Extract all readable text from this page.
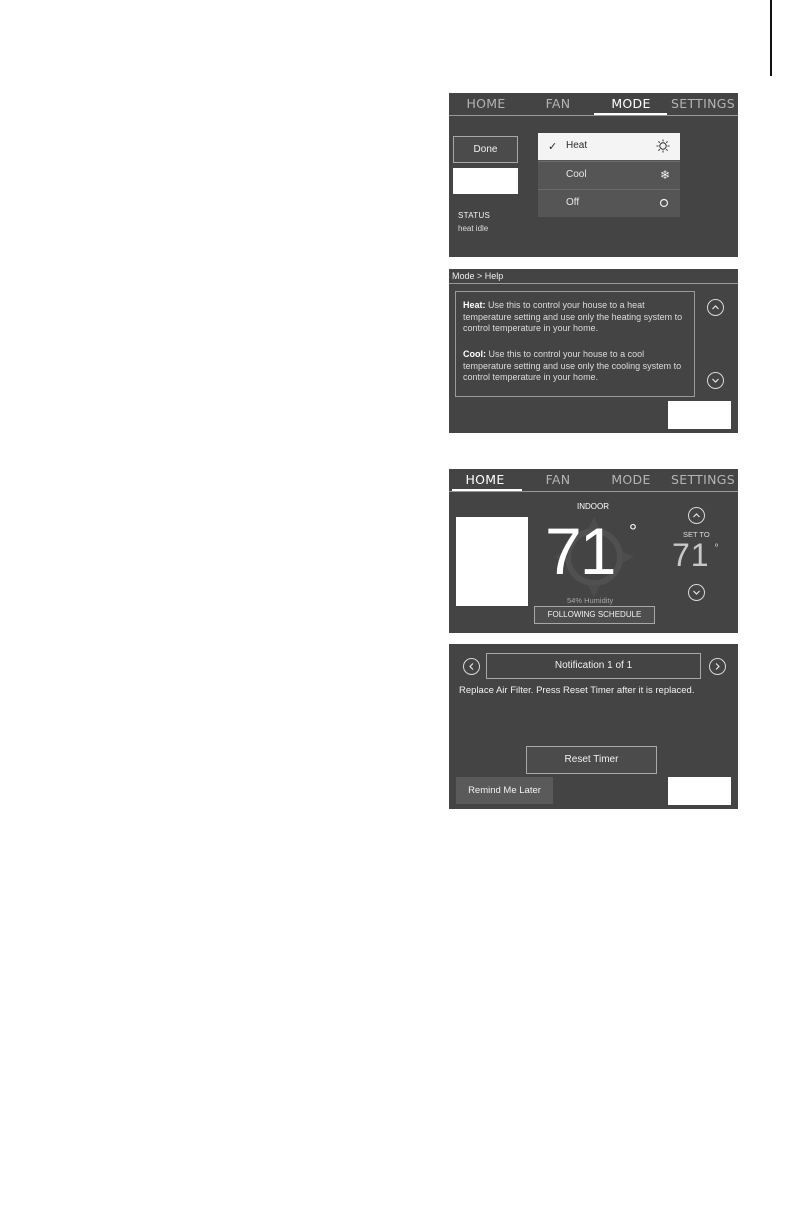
HOME	FAN	MODE	SETTINGS
Done	✓ Heat
Cool	❄
Off
STATUS
heat idle
Mode > Help
Heat: Use this to control your house to a heat temperature setting and use only the heating system to control temperature in your home.
Cool: Use this to control your house to a cool temperature setting and use only the cooling system to control temperature in your home.
HOME	FAN	MODE	SETTINGS
INDOOR
71 °	SET TO
71 °
54% Humidity
FOLLOWING SCHEDULE
Notification 1 of 1
Replace Air Filter. Press Reset Timer after it is replaced.
Reset Timer
Remind Me Later
